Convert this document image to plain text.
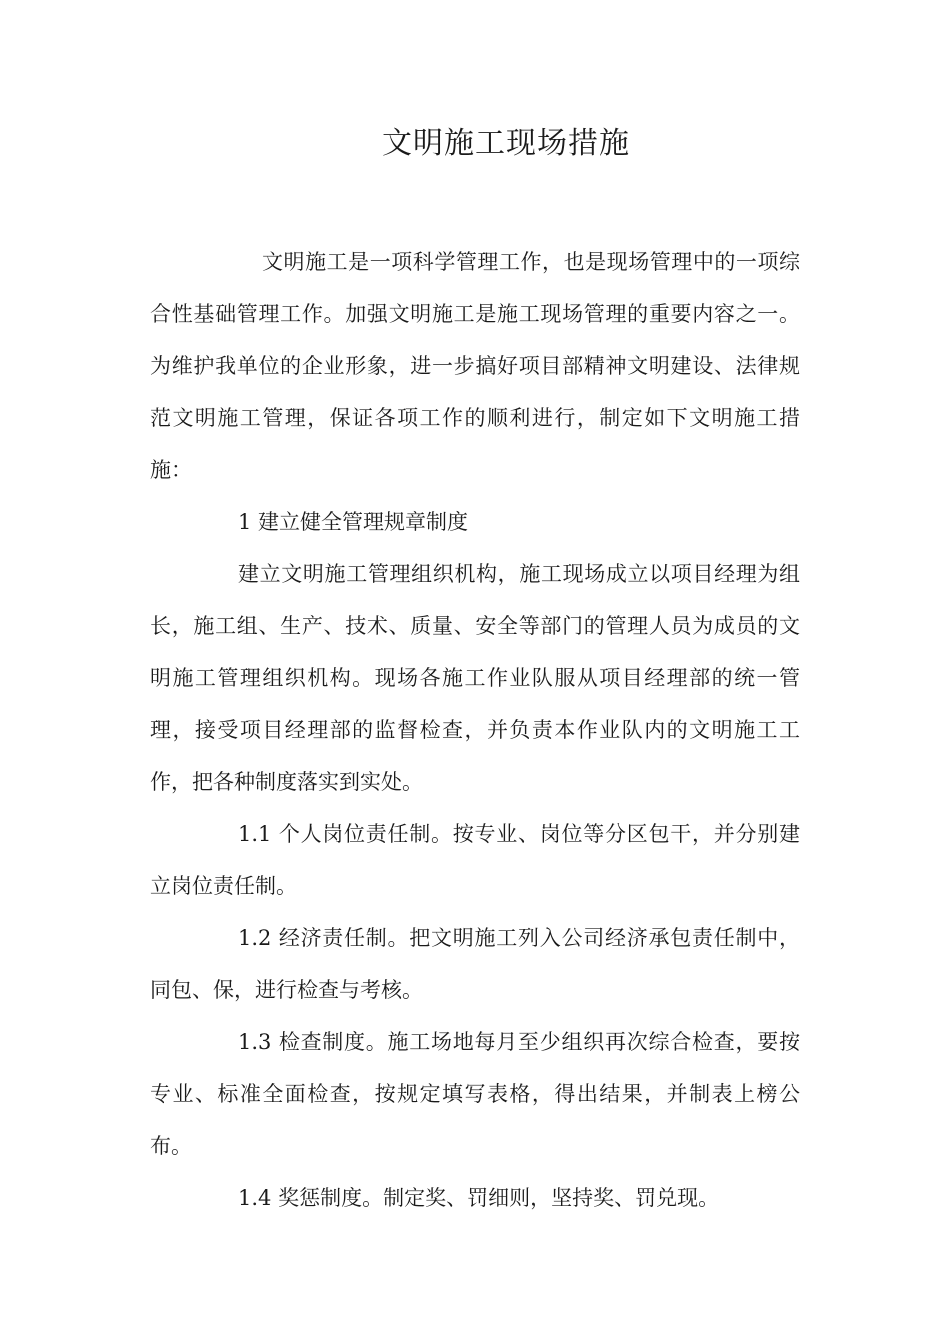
文明施工现场措施

文明施工是一项科学管理工作，也是现场管理中的一项综合性基础管理工作。加强文明施工是施工现场管理的重要内容之一。为维护我单位的企业形象，进一步搞好项目部精神文明建设、法律规范文明施工管理，保证各项工作的顺利进行，制定如下文明施工措施：

1 建立健全管理规章制度

建立文明施工管理组织机构，施工现场成立以项目经理为组长，施工组、生产、技术、质量、安全等部门的管理人员为成员的文明施工管理组织机构。现场各施工作业队服从项目经理部的统一管理，接受项目经理部的监督检查，并负责本作业队内的文明施工工作，把各种制度落实到实处。

1.1 个人岗位责任制。按专业、岗位等分区包干，并分别建立岗位责任制。

1.2 经济责任制。把文明施工列入公司经济承包责任制中，同包、保，进行检查与考核。

1.3 检查制度。施工场地每月至少组织再次综合检查，要按专业、标准全面检查，按规定填写表格，得出结果，并制表上榜公布。

1.4 奖惩制度。制定奖、罚细则，坚持奖、罚兑现。
